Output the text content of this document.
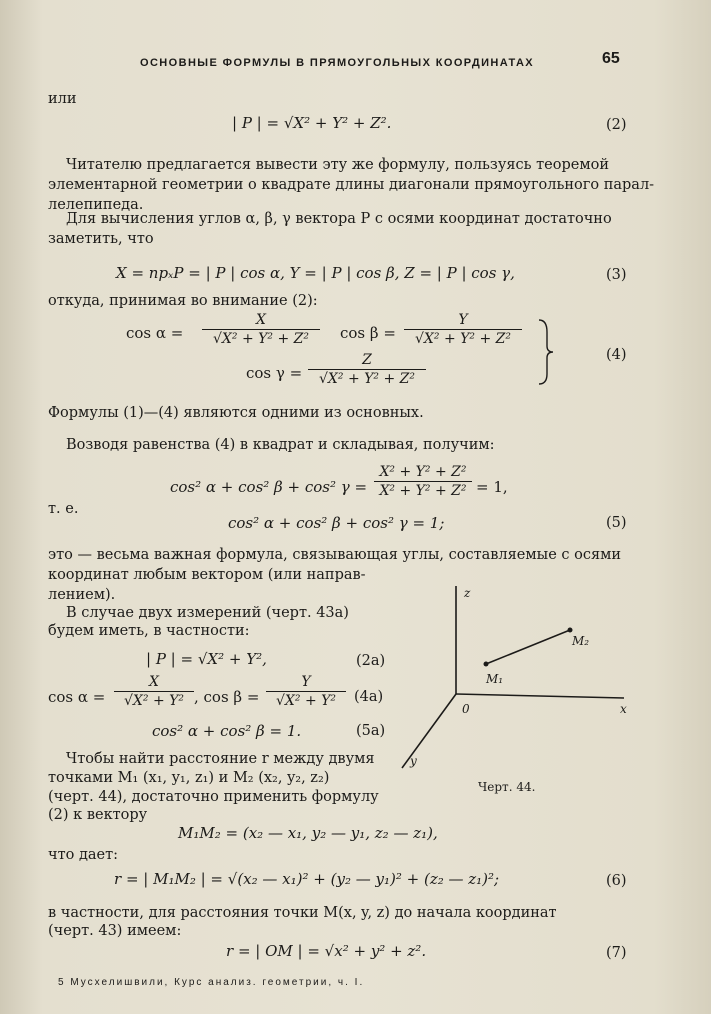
ОСНОВНЫЕ ФОРМУЛЫ В ПРЯМОУГОЛЬНЫХ КООРДИНАТАХ	65
или
| P | = √X² + Y² + Z².	(2)
Читателю предлагается вывести эту же формулу, пользуясь теоремой
элементарной геометрии о квадрате длины диагонали прямоугольного парал-
лелепипеда.
Для вычисления углов α, β, γ вектора P с осями координат достаточно
заметить, что
X = прₓP = | P | cos α, Y = | P | cos β, Z = | P | cos γ,	(3)
откуда, принимая во внимание (2):
cos α =
X
√X² + Y² + Z²	cos β =
Y
√X² + Y² + Z²
cos γ =
Z
√X² + Y² + Z²
(4)
Формулы (1)—(4) являются одними из основных.
Возводя равенства (4) в квадрат и складывая, получим:
cos² α + cos² β + cos² γ =
X² + Y² + Z²
X² + Y² + Z² = 1,
т. е.
cos² α + cos² β + cos² γ = 1;	(5)
это — весьма важная формула, связывающая углы, составляемые с осями
координат любым вектором (или направ-
лением).
В случае двух измерений (черт. 43а)
будем иметь, в частности:
| P | = √X² + Y²,	(2а)
cos α =
X
√X² + Y² , cos β =
Y
√X² + Y²	(4а)
cos² α + cos² β = 1.	(5а)
Чтобы найти расстояние r между двумя
точками M₁ (x₁, y₁, z₁) и M₂ (x₂, y₂, z₂)
(черт. 44), достаточно применить формулу
(2) к вектору
z
x
y
0
M₁
M₂
Черт. 44.
M₁M₂ = (x₂ — x₁, y₂ — y₁, z₂ — z₁),
что дает:
r = | M₁M₂ | = √(x₂ — x₁)² + (y₂ — y₁)² + (z₂ — z₁)²;	(6)
в частности, для расстояния точки M(x, y, z) до начала координат
(черт. 43) имеем:
r = | OM | = √x² + y² + z².	(7)
5 Мусхелишвили, Курс анализ. геометрии, ч. I.
